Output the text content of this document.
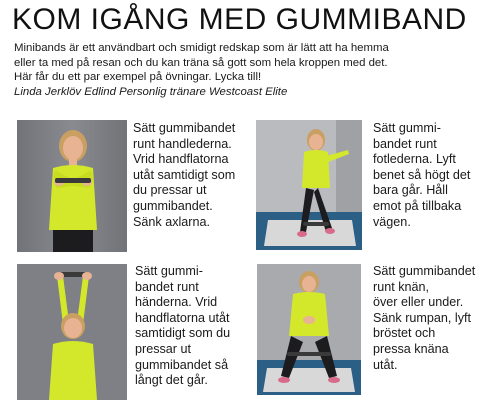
KOM IGÅNG MED GUMMIBAND

Minibands är ett användbart och smidigt redskap som är lätt att ha hemma

eller ta med på resan och du kan träna så gott som hela kroppen med det.

Här får du ett par exempel på övningar. Lycka till!

Linda Jerklöv Edlind Personlig tränare Westcoast Elite

Sätt gummibandet

runt handlederna.

Vrid handflatorna

utåt samtidigt som

du pressar ut

gummibandet.

Sänk axlarna.

Sätt gummi-

bandet runt

fotlederna. Lyft

benet så högt det

bara går. Håll

emot på tillbaka

vägen.

Sätt gummi-

bandet runt

händerna. Vrid

handflatorna utåt

samtidigt som du

pressar ut

gummibandet så

långt det går.

Sätt gummibandet

runt knän,

över eller under.

Sänk rumpan, lyft

bröstet och

pressa knäna

utåt.
